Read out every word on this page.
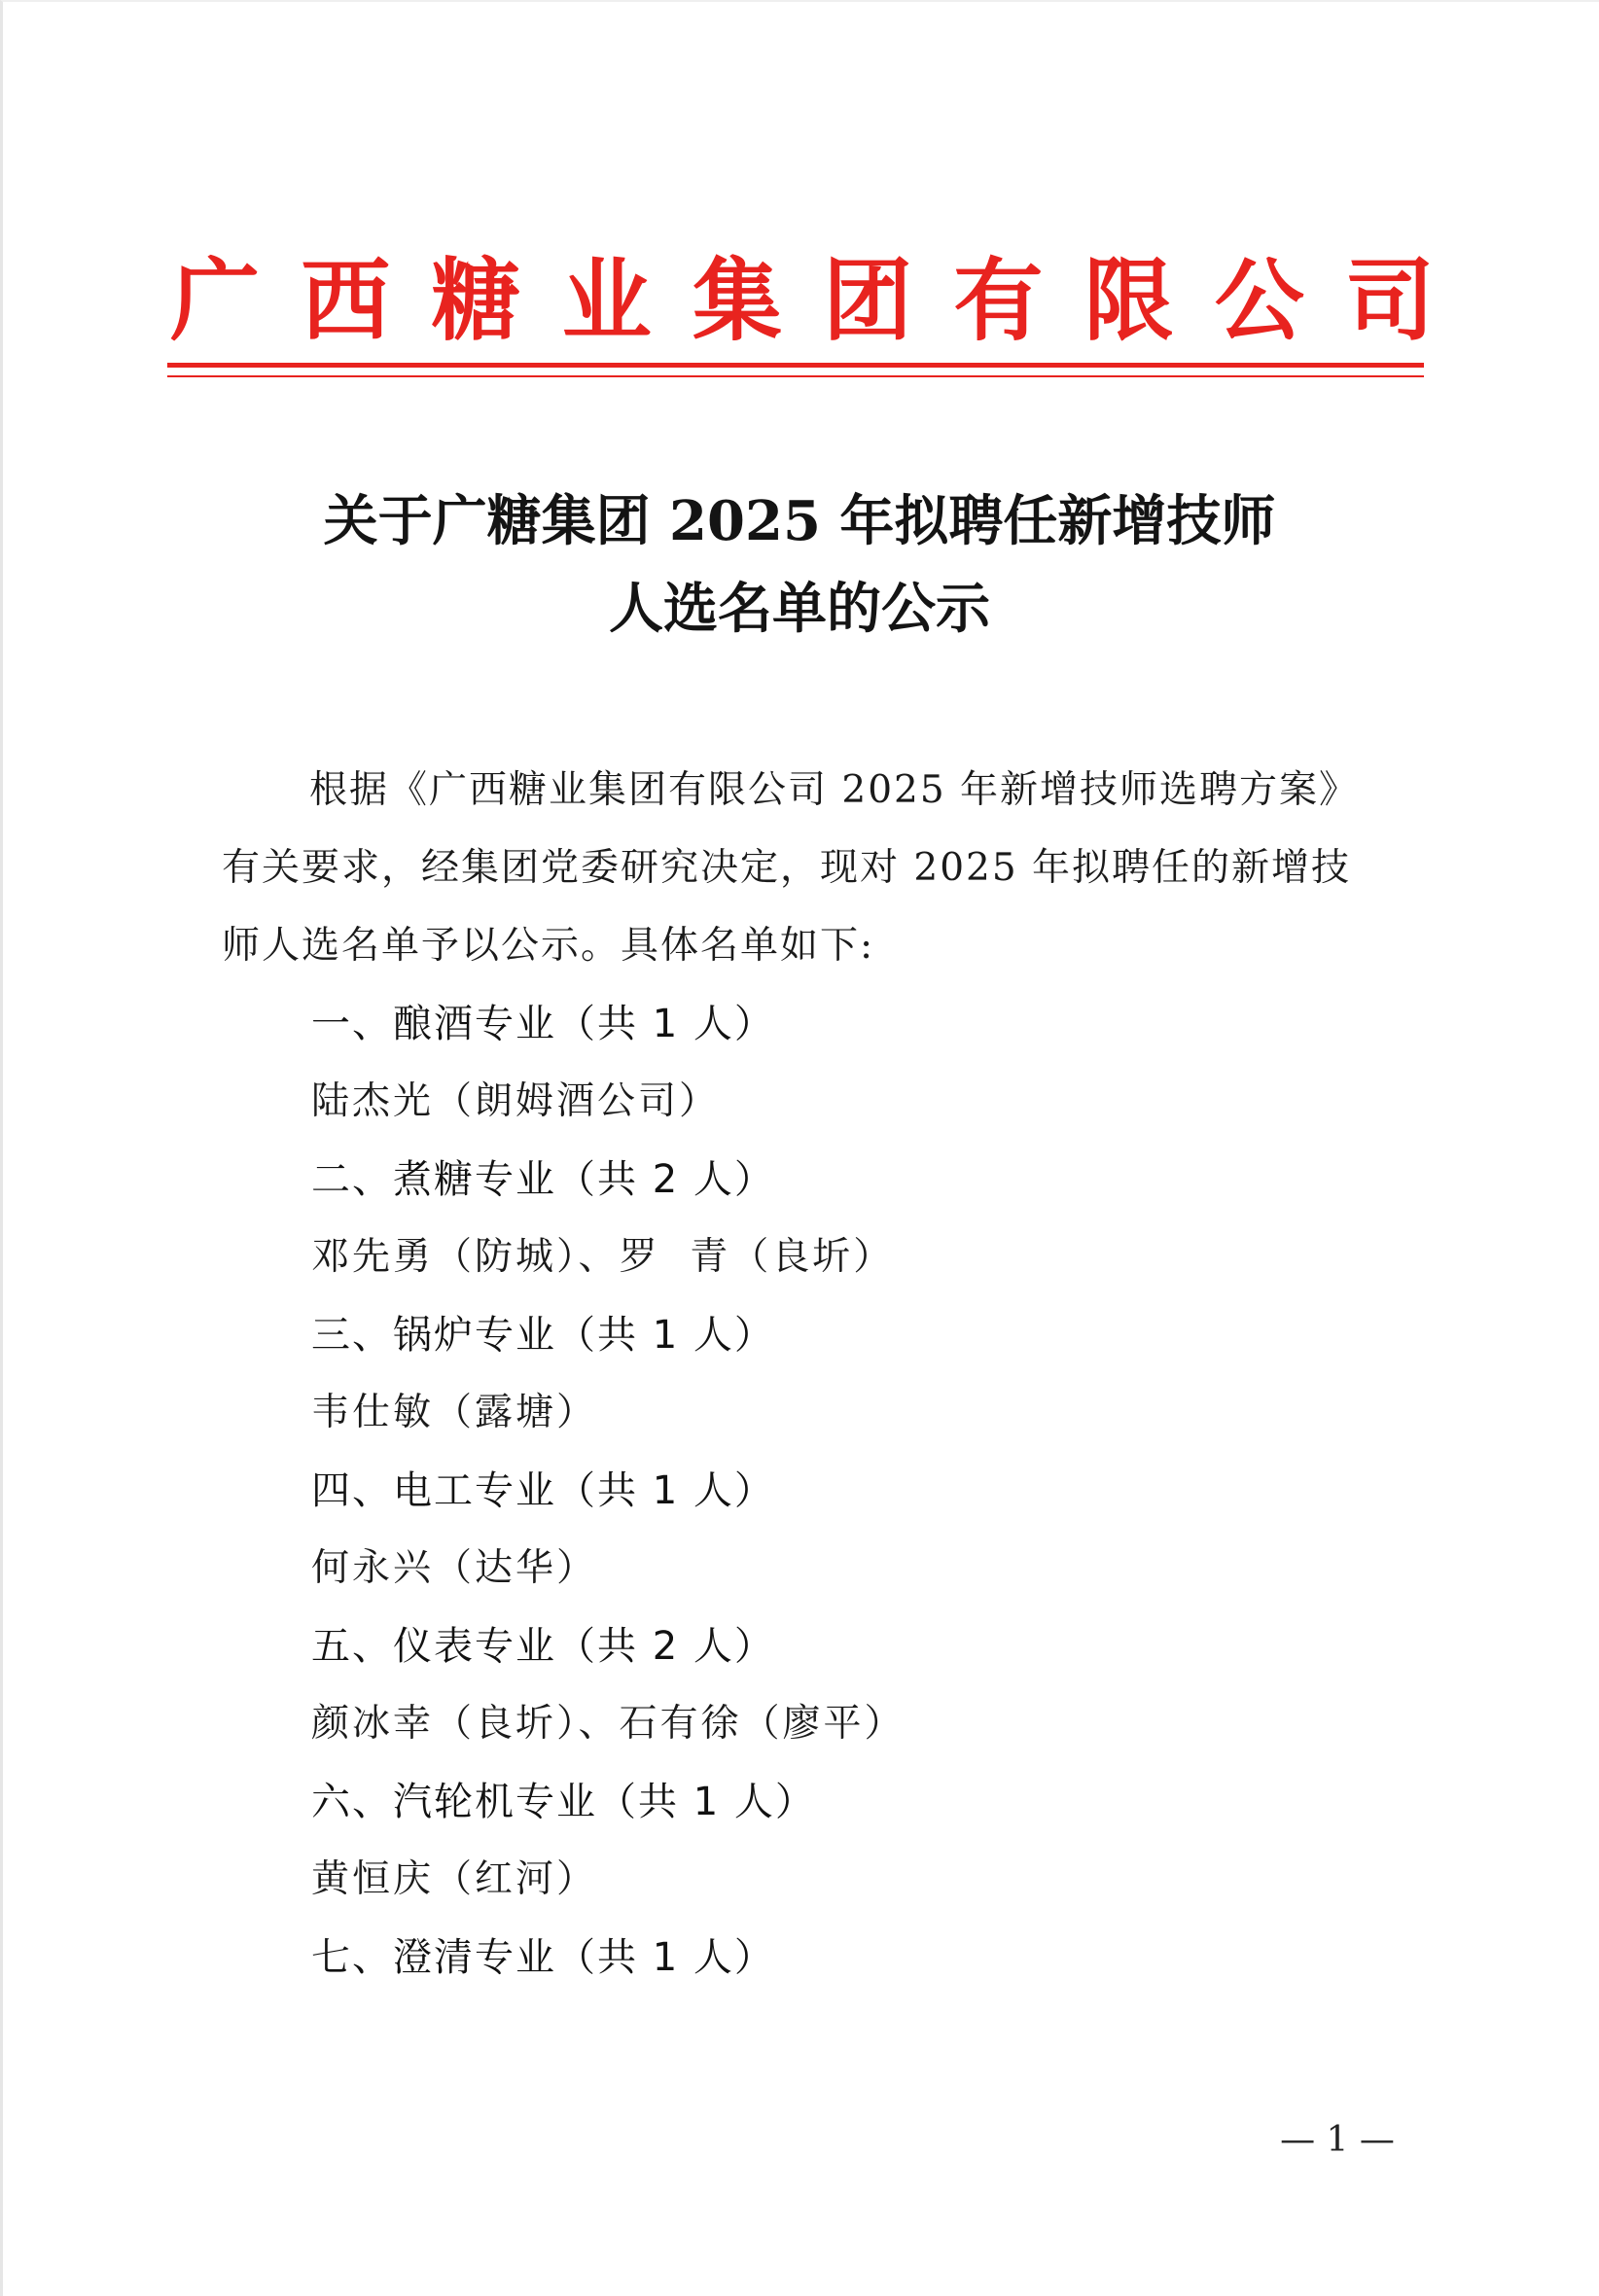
广 西 糖 业 集 团 有 限 公 司
关于广糖集团 2025 年拟聘任新增技师
人选名单的公示
根据《广西糖业集团有限公司 2025 年新增技师选聘方案》
有关要求，经集团党委研究决定，现对 2025 年拟聘任的新增技
师人选名单予以公示。具体名单如下:
一、酿酒专业（共 1 人）
陆杰光（朗姆酒公司）
二、煮糖专业（共 2 人）
邓先勇（防城）、罗  青（良圻）
三、锅炉专业（共 1 人）
韦仕敏（露塘）
四、电工专业（共 1 人）
何永兴（达华）
五、仪表专业（共 2 人）
颜冰幸（良圻）、石有徐（廖平）
六、汽轮机专业（共 1 人）
黄恒庆（红河）
七、澄清专业（共 1 人）
— 1 —
